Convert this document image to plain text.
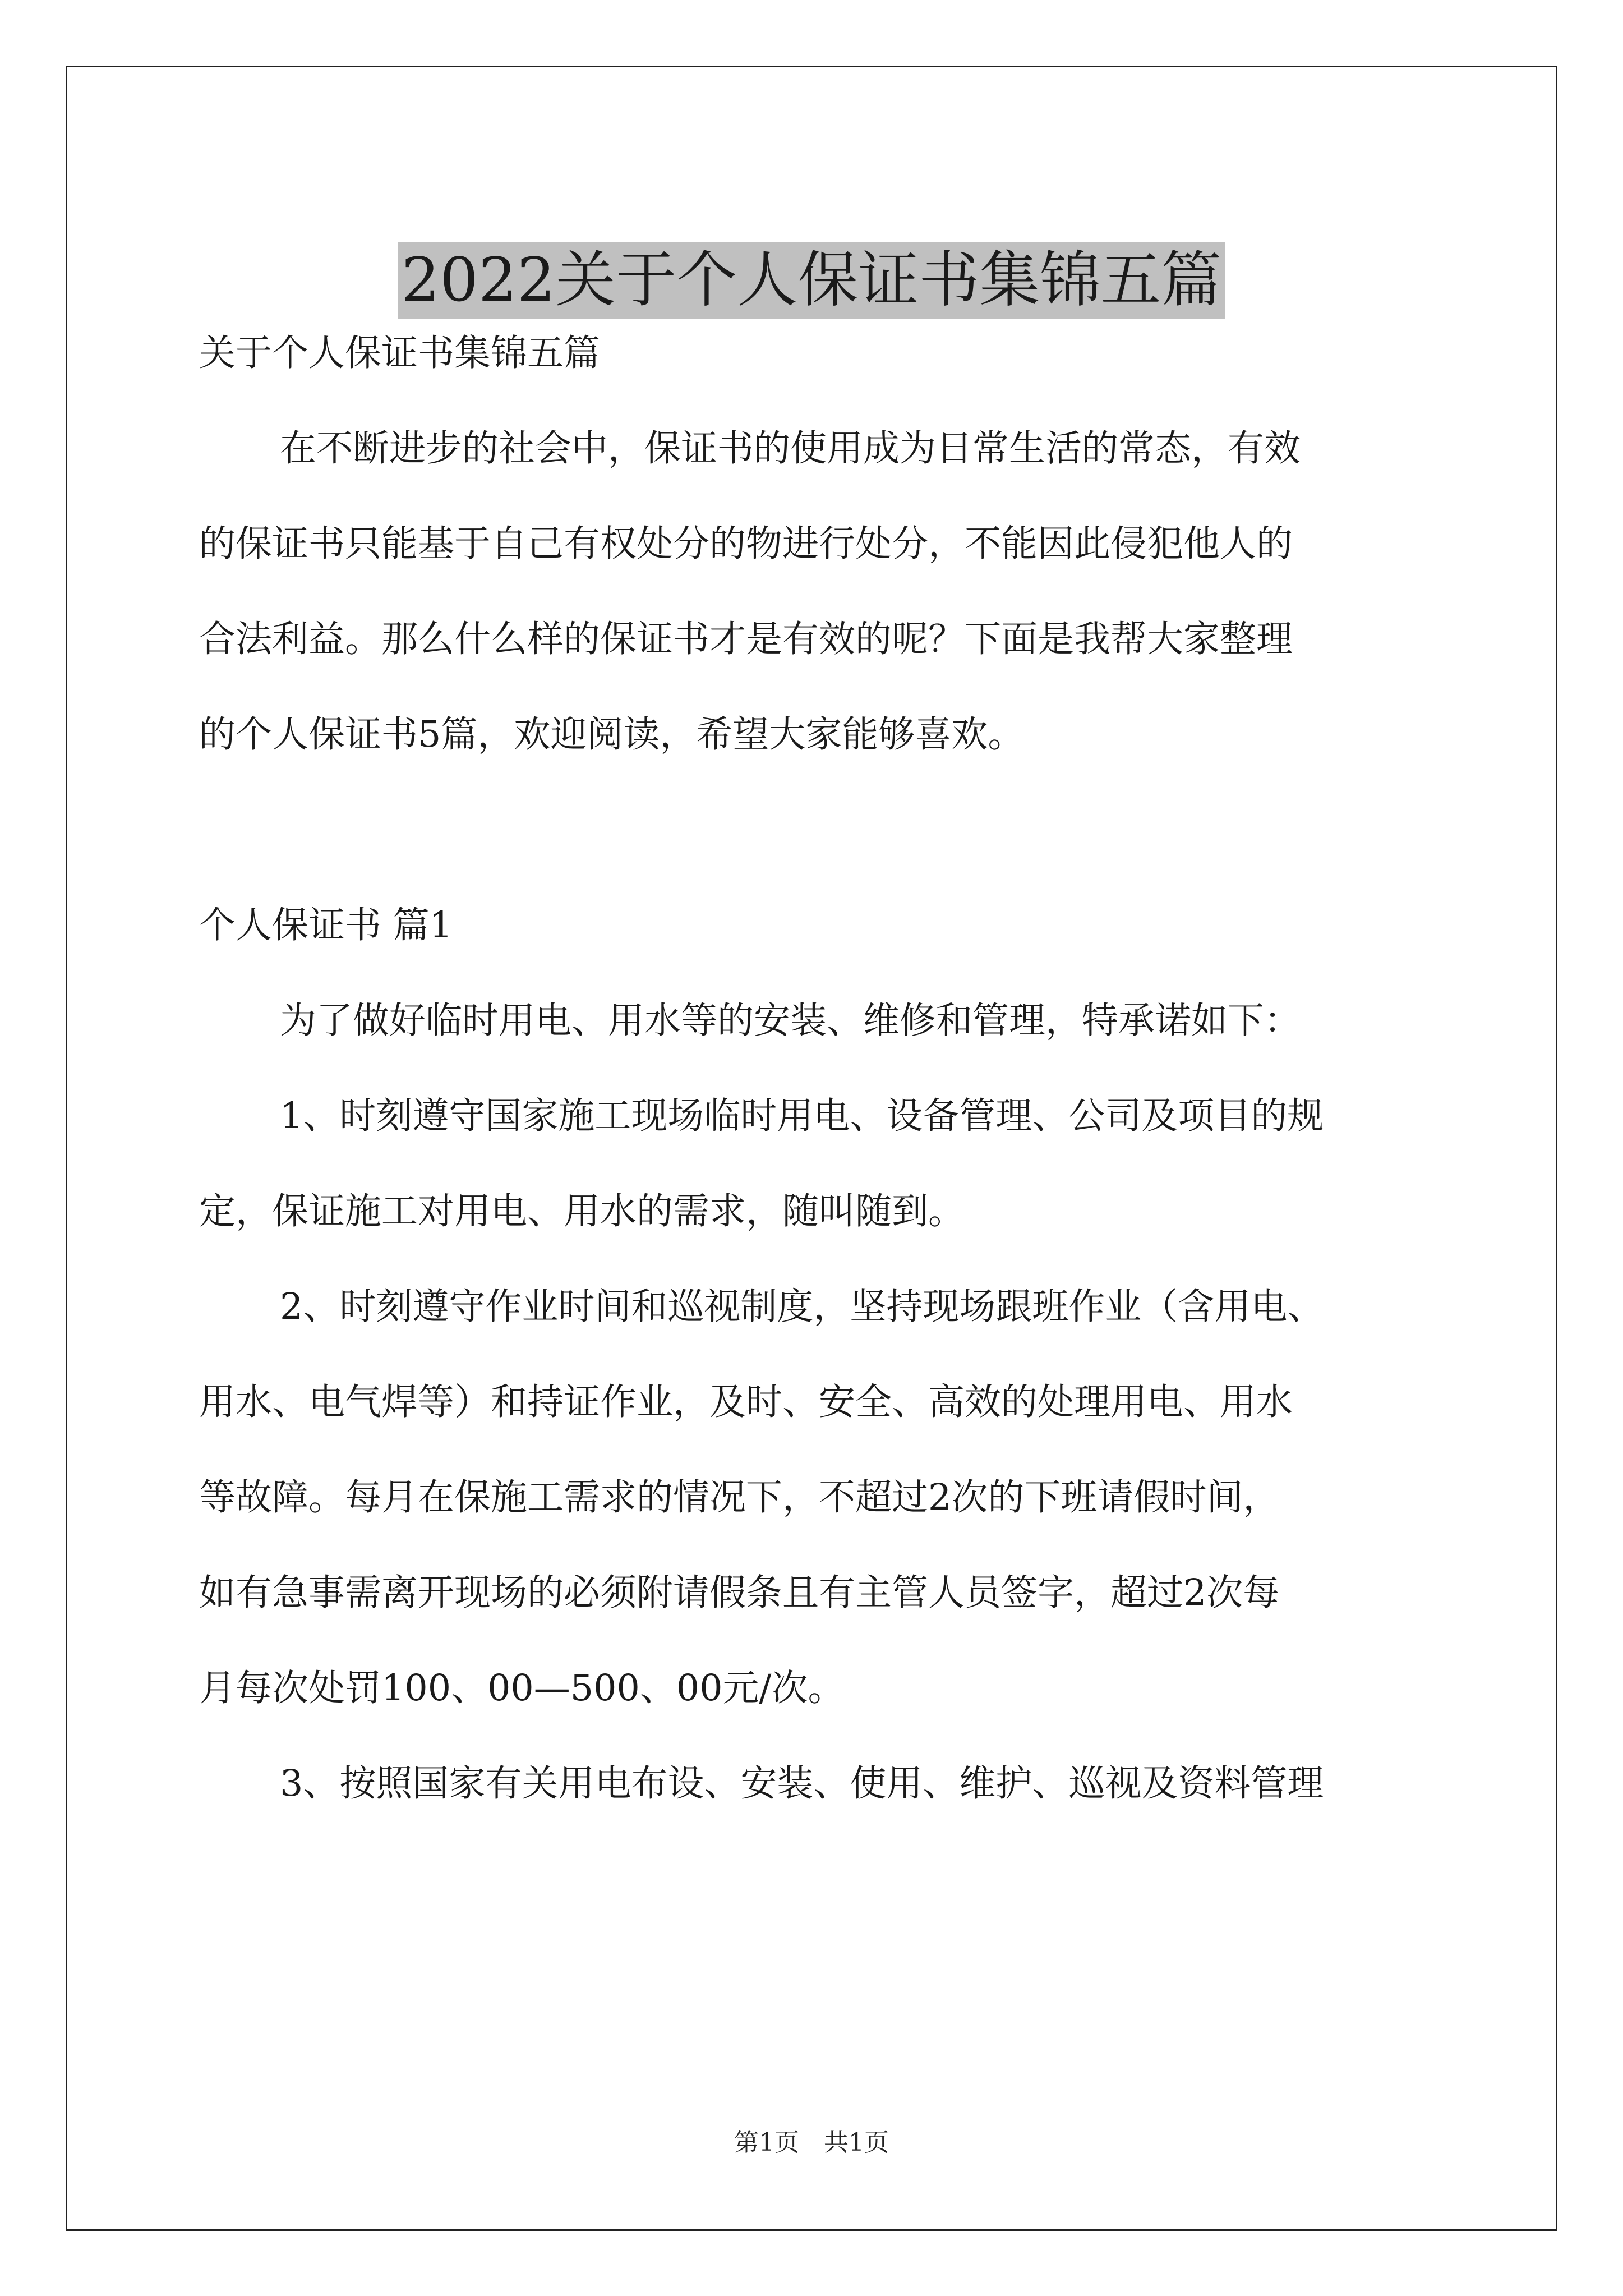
2022关于个人保证书集锦五篇

关于个人保证书集锦五篇

在不断进步的社会中，保证书的使用成为日常生活的常态，有效

的保证书只能基于自己有权处分的物进行处分，不能因此侵犯他人的

合法利益。那么什么样的保证书才是有效的呢？下面是我帮大家整理

的个人保证书5篇，欢迎阅读，希望大家能够喜欢。

个人保证书 篇1

为了做好临时用电、用水等的安装、维修和管理，特承诺如下：

1、时刻遵守国家施工现场临时用电、设备管理、公司及项目的规

定，保证施工对用电、用水的需求，随叫随到。

2、时刻遵守作业时间和巡视制度，坚持现场跟班作业（含用电、

用水、电气焊等）和持证作业，及时、安全、高效的处理用电、用水

等故障。每月在保施工需求的情况下，不超过2次的下班请假时间，

如有急事需离开现场的必须附请假条且有主管人员签字，超过2次每

月每次处罚100、00—500、00元/次。

3、按照国家有关用电布设、安装、使用、维护、巡视及资料管理

第1页　共1页
